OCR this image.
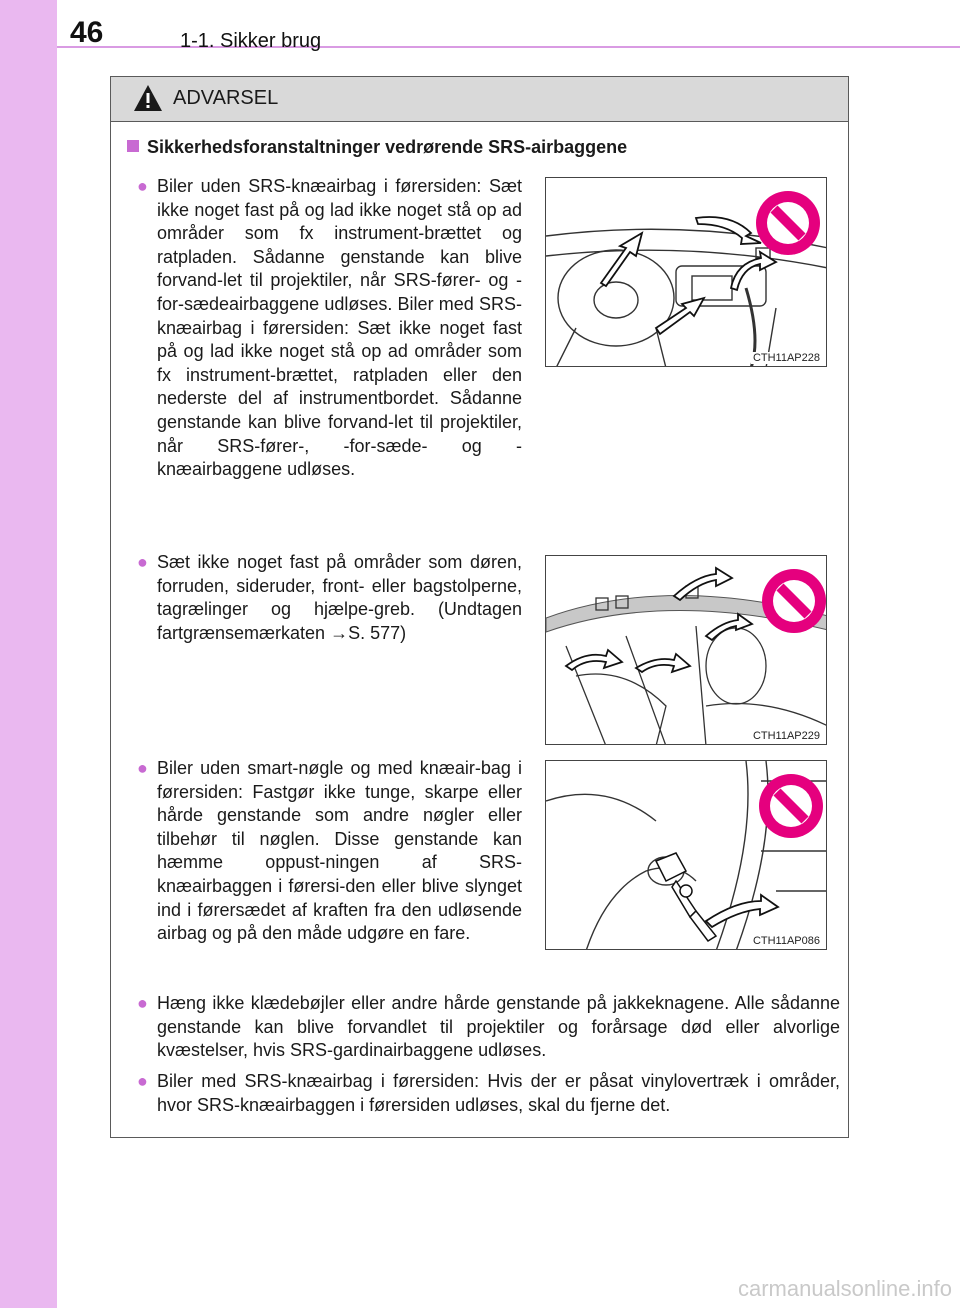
46	1-1. Sikker brug
ADVARSEL
Sikkerhedsforanstaltninger vedrørende SRS-airbaggene
● Biler uden SRS-knæairbag i førersiden: Sæt ikke noget fast på og lad ikke noget stå op ad områder som fx instrument-brættet og ratpladen. Sådanne genstande kan blive forvand-let til projektiler, når SRS-fører- og -for-sædeairbaggene udløses. Biler med SRS-knæairbag i førersiden: Sæt ikke noget fast på og lad ikke noget stå op ad områder som fx instrument-brættet, ratpladen eller den nederste del af instrumentbordet. Sådanne genstande kan blive forvand-let til projektiler, når SRS-fører-, -for-sæde- og -knæairbaggene udløses.
CTH11AP228
● Sæt ikke noget fast på områder som døren, forruden, sideruder, front- eller bagstolperne, tagrælinger og hjælpe-greb. (Undtagen fartgrænsemærkaten →S. 577)
CTH11AP229
● Biler uden smart-nøgle og med knæair-bag i førersiden: Fastgør ikke tunge, skarpe eller hårde genstande som andre nøgler eller tilbehør til nøglen. Disse genstande kan hæmme oppust-ningen af SRS-knæairbaggen i førersi-den eller blive slynget ind i førersædet af kraften fra den udløsende airbag og på den måde udgøre en fare.	CTH11AP086
● Hæng ikke klædebøjler eller andre hårde genstande på jakkeknagene. Alle sådanne genstande kan blive forvandlet til projektiler og forårsage død eller alvorlige kvæstelser, hvis SRS-gardinairbaggene udløses.
● Biler med SRS-knæairbag i førersiden: Hvis der er påsat vinylovertræk i områder, hvor SRS-knæairbaggen i førersiden udløses, skal du fjerne det.
carmanualsonline.info
